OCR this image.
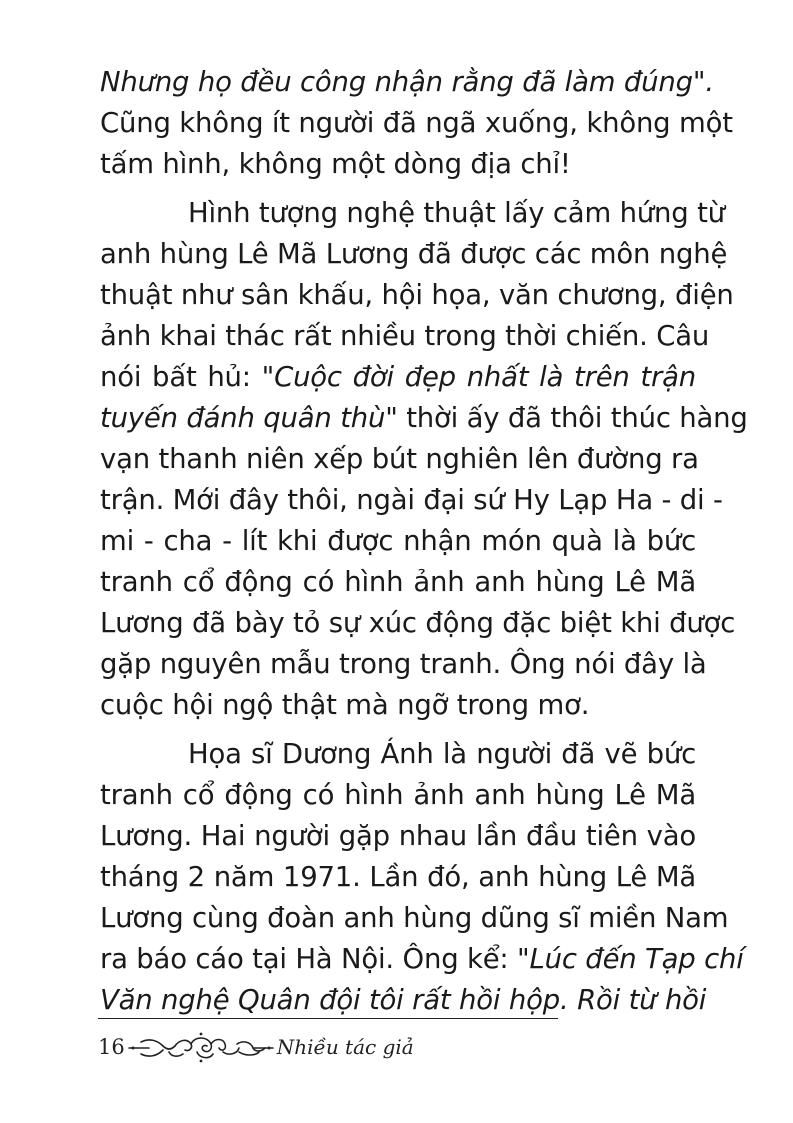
Nhưng họ đều công nhận rằng đã làm đúng".
Cũng không ít người đã ngã xuống, không một
tấm hình, không một dòng địa chỉ!
Hình tượng nghệ thuật lấy cảm hứng từ
anh hùng Lê Mã Lương đã được các môn nghệ
thuật như sân khấu, hội họa, văn chương, điện
ảnh khai thác rất nhiều trong thời chiến. Câu
nói bất hủ: "Cuộc đời đẹp nhất là trên trận
tuyến đánh quân thù" thời ấy đã thôi thúc hàng
vạn thanh niên xếp bút nghiên lên đường ra
trận. Mới đây thôi, ngài đại sứ Hy Lạp Ha - di -
mi - cha - lít khi được nhận món quà là bức
tranh cổ động có hình ảnh anh hùng Lê Mã
Lương đã bày tỏ sự xúc động đặc biệt khi được
gặp nguyên mẫu trong tranh. Ông nói đây là
cuộc hội ngộ thật mà ngỡ trong mơ.
Họa sĩ Dương Ánh là người đã vẽ bức
tranh cổ động có hình ảnh anh hùng Lê Mã
Lương. Hai người gặp nhau lần đầu tiên vào
tháng 2 năm 1971. Lần đó, anh hùng Lê Mã
Lương cùng đoàn anh hùng dũng sĩ miền Nam
ra báo cáo tại Hà Nội. Ông kể: "Lúc đến Tạp chí
Văn nghệ Quân đội tôi rất hồi hộp. Rồi từ hồi
16	Nhiều tác giả
